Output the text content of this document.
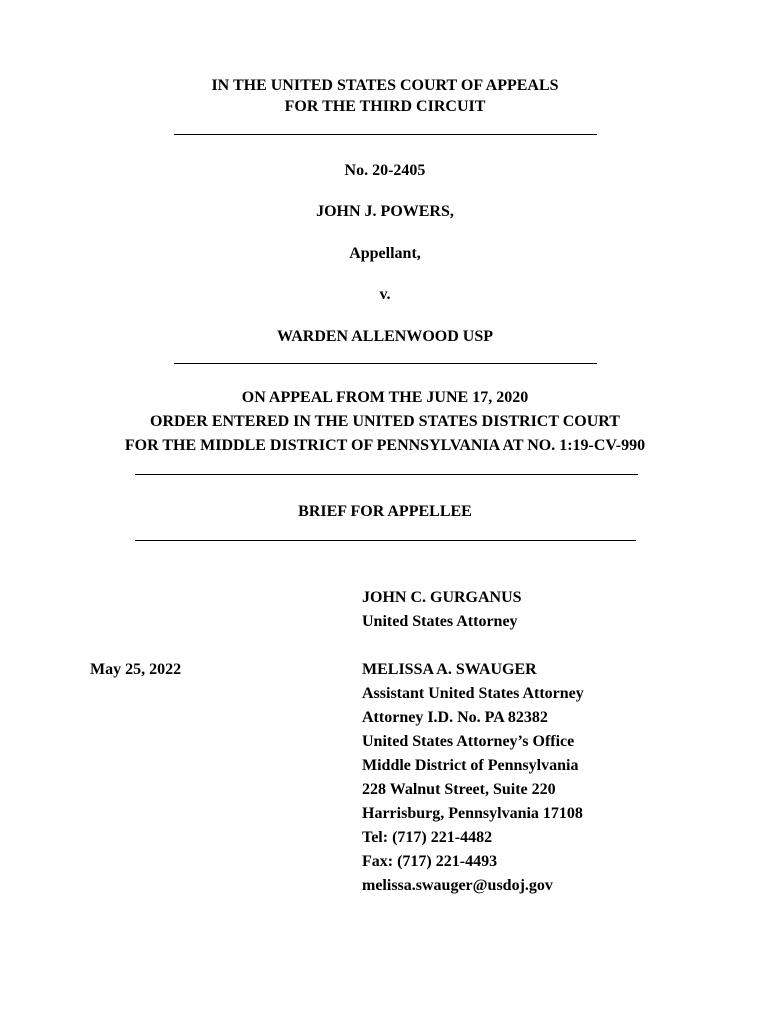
IN THE UNITED STATES COURT OF APPEALS
FOR THE THIRD CIRCUIT
No. 20-2405
JOHN J. POWERS,
Appellant,
v.
WARDEN ALLENWOOD USP
ON APPEAL FROM THE JUNE 17, 2020
ORDER ENTERED IN THE UNITED STATES DISTRICT COURT
FOR THE MIDDLE DISTRICT OF PENNSYLVANIA AT NO. 1:19-CV-990
BRIEF FOR APPELLEE
JOHN C. GURGANUS
United States Attorney
May 25, 2022	MELISSA A. SWAUGER
Assistant United States Attorney
Attorney I.D. No. PA 82382
United States Attorney’s Office
Middle District of Pennsylvania
228 Walnut Street, Suite 220
Harrisburg, Pennsylvania 17108
Tel: (717) 221-4482
Fax: (717) 221-4493
melissa.swauger@usdoj.gov
